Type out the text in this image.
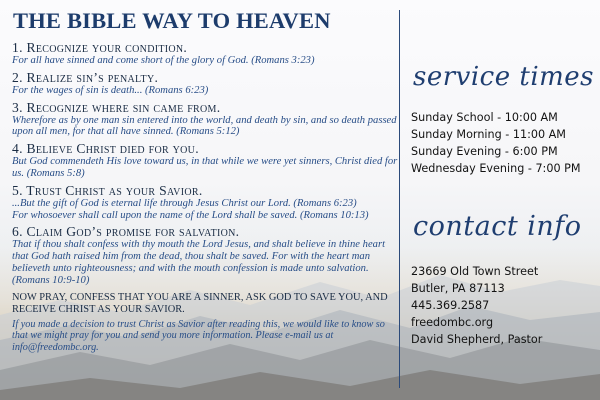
THE BIBLE WAY TO HEAVEN
1. Recognize your condition.
For all have sinned and come short of the glory of God. (Romans 3:23)
2. Realize sin’s penalty.
For the wages of sin is death... (Romans 6:23)
3. Recognize where sin came from.
Wherefore as by one man sin entered into the world, and death by sin, and so death passed upon all men, for that all have sinned. (Romans 5:12)
4. Believe Christ died for you.
But God commendeth His love toward us, in that while we were yet sinners, Christ died for us. (Romans 5:8)
5. Trust Christ as your Savior.
...But the gift of God is eternal life through Jesus Christ our Lord. (Romans 6:23)
For whosoever shall call upon the name of the Lord shall be saved. (Romans 10:13)
6. Claim God’s promise for salvation.
That if thou shalt confess with thy mouth the Lord Jesus, and shalt believe in thine heart that God hath raised him from the dead, thou shalt be saved. For with the heart man believeth unto righteousness; and with the mouth confession is made unto salvation. (Romans 10:9-10)
NOW PRAY, CONFESS THAT YOU ARE A SINNER, ASK GOD TO SAVE YOU, AND RECEIVE CHRIST AS YOUR SAVIOR.
If you made a decision to trust Christ as Savior after reading this, we would like to know so that we might pray for you and send you more information. Please e-mail us at info@freedombc.org.
service times
Sunday School - 10:00 AM
Sunday Morning - 11:00 AM
Sunday Evening - 6:00 PM
Wednesday Evening - 7:00 PM
contact info
23669 Old Town Street
Butler, PA 87113
445.369.2587
freedombc.org
David Shepherd, Pastor
